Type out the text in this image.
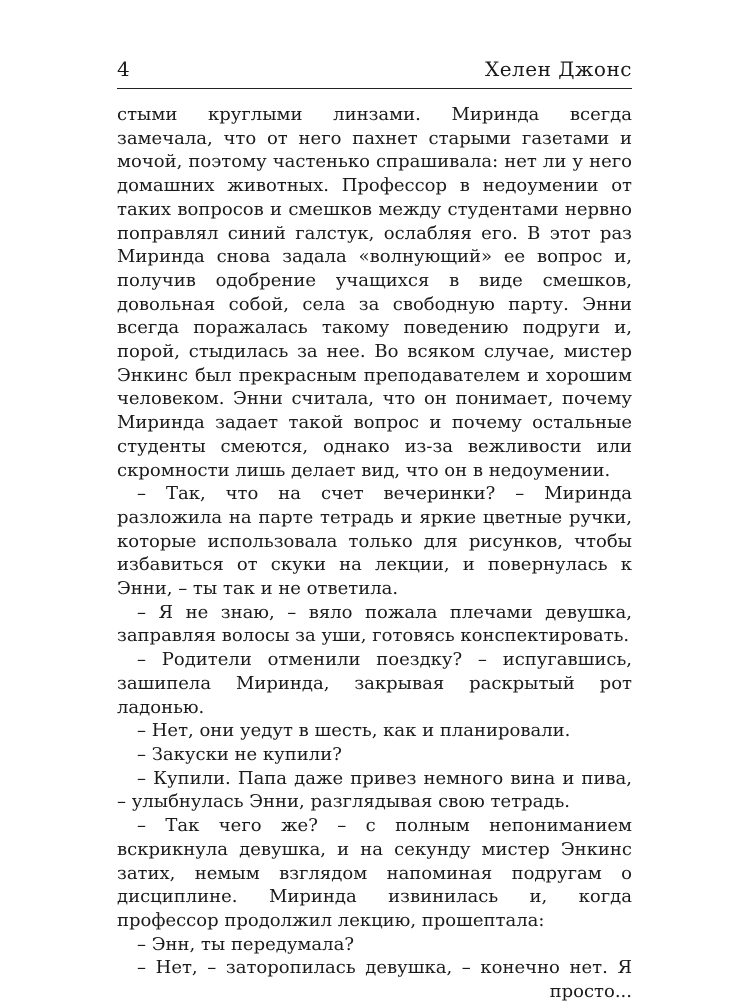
4	Хелен Джонс

стыми круглыми линзами. Миринда всегда замечала, что от него пахнет старыми газетами и мочой, поэтому частенько спрашивала: нет ли у него домашних животных. Профессор в недоумении от таких вопросов и смешков между студентами нервно поправлял синий галстук, ослабляя его. В этот раз Миринда снова задала «волнующий» ее вопрос и, получив одобрение учащихся в виде смешков, довольная собой, села за свободную парту. Энни всегда поражалась такому поведению подруги и, порой, стыдилась за нее. Во всяком случае, мистер Энкинс был прекрасным преподавателем и хорошим человеком. Энни считала, что он понимает, почему Миринда задает такой вопрос и почему остальные студенты смеются, однако из-за вежливости или скромности лишь делает вид, что он в недоумении.

– Так, что на счет вечеринки? – Миринда разложила на парте тетрадь и яркие цветные ручки, которые использовала только для рисунков, чтобы избавиться от скуки на лекции, и повернулась к Энни, – ты так и не ответила.

– Я не знаю, – вяло пожала плечами девушка, заправляя волосы за уши, готовясь конспектировать.

– Родители отменили поездку? – испугавшись, зашипела Миринда, закрывая раскрытый рот ладонью.

– Нет, они уедут в шесть, как и планировали.

– Закуски не купили?

– Купили. Папа даже привез немного вина и пива, – улыбнулась Энни, разглядывая свою тетрадь.

– Так чего же? – с полным непониманием вскрикнула девушка, и на секунду мистер Энкинс затих, немым взглядом напоминая подругам о дисциплине. Миринда извинилась и, когда профессор продолжил лекцию, прошептала:

– Энн, ты передумала?

– Нет, – заторопилась девушка, – конечно нет. Я просто...
